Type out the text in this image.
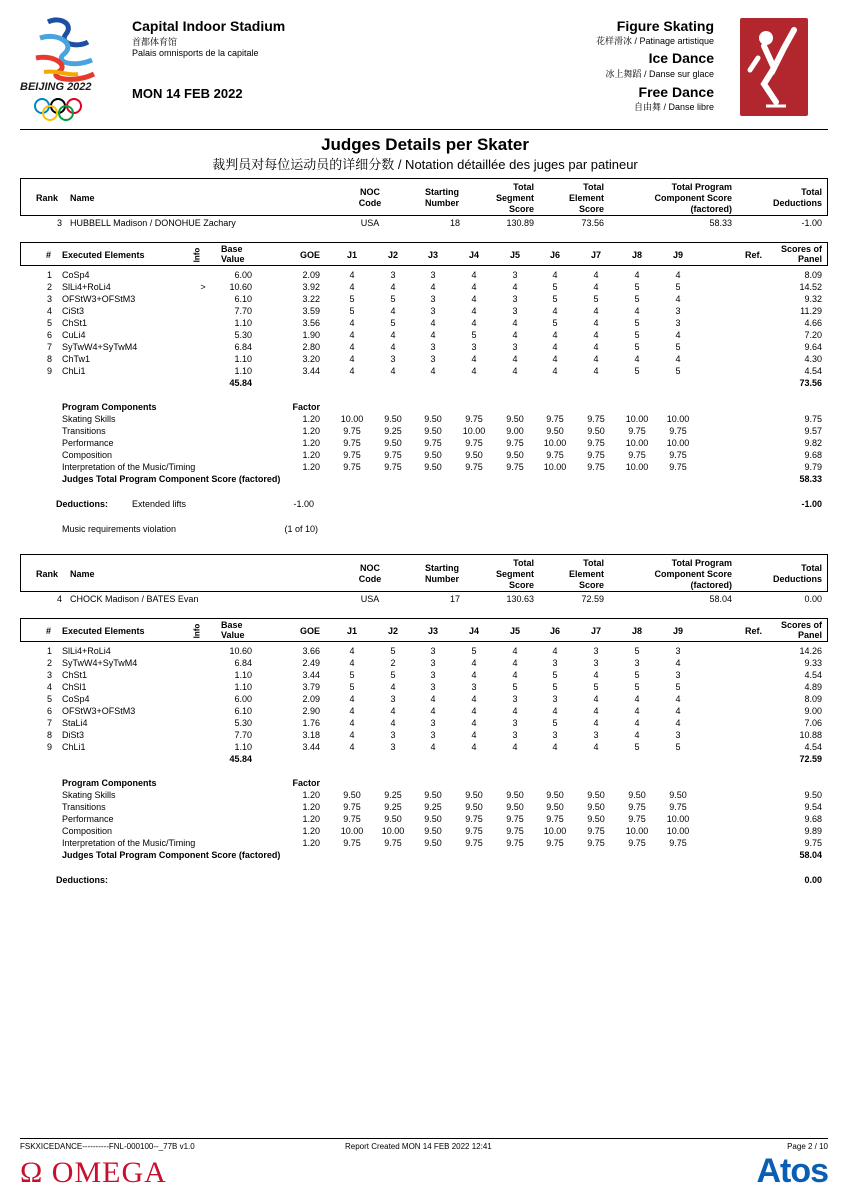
BEIJING 2022
Capital Indoor Stadium
首都体育馆
Palais omnisports de la capitale
MON 14 FEB 2022
Figure Skating
花样滑冰 / Patinage artistique
Ice Dance
冰上舞蹈 / Danse sur glace
Free Dance
自由舞 / Danse libre
Judges Details per Skater
裁判员对每位运动员的详细分数 / Notation détaillée des juges par patineur
Rank Name
NOC
Code
Starting
Number
Total
Segment
Score
Total
Element
Score
Total Program
Component Score
(factored)
Total
Deductions
3 HUBBELL Madison / DONOHUE Zachary	USA	18	130.89	73.56	58.33	-1.00
# Executed Elements	Info Base
Value	GOE	J1	J2	J3	J4	J5	J6	J7	J8	J9	Ref.
Scores of
Panel
1 CoSp4	6.00	2.09	4	3	3	4	3	4	4	4	4	8.09
2 SlLi4+RoLi4	>	10.60	3.92	4	4	4	4	4	5	4	5	5	14.52
3 OFStW3+OFStM3	6.10	3.22	5	5	3	4	3	5	5	5	4	9.32
4 CiSt3	7.70	3.59	5	4	3	4	3	4	4	4	3	11.29
5 ChSt1	1.10	3.56	4	5	4	4	4	5	4	5	3	4.66
6 CuLi4	5.30	1.90	4	4	4	5	4	4	4	5	4	7.20
7 SyTwW4+SyTwM4	6.84	2.80	4	4	3	3	3	4	4	5	5	9.64
8 ChTw1	1.10	3.20	4	3	3	4	4	4	4	4	4	4.30
9 ChLi1	1.10	3.44	4	4	4	4	4	4	4	5	5	4.54
45.84	73.56
Program Components	Factor
Skating Skills	1.20	10.00	9.50	9.50	9.75	9.50	9.75	9.75	10.00	10.00	9.75
Transitions	1.20	9.75	9.25	9.50	10.00	9.00	9.50	9.50	9.75	9.75	9.57
Performance	1.20	9.75	9.50	9.75	9.75	9.75	10.00	9.75	10.00	10.00	9.82
Composition	1.20	9.75	9.75	9.50	9.50	9.50	9.75	9.75	9.75	9.75	9.68
Interpretation of the Music/Timing	1.20	9.75	9.75	9.50	9.75	9.75	10.00	9.75	10.00	9.75	9.79
Judges Total Program Component Score (factored)	58.33
Deductions:	Extended lifts	-1.00	-1.00
Music requirements violation	(1 of 10)
Rank Name
NOC
Code
Starting
Number
Total
Segment
Score
Total
Element
Score
Total Program
Component Score
(factored)
Total
Deductions
4 CHOCK Madison / BATES Evan	USA	17	130.63	72.59	58.04	0.00
# Executed Elements	Info Base
Value	GOE	J1	J2	J3	J4	J5	J6	J7	J8	J9	Ref.
Scores of
Panel
1 SlLi4+RoLi4	10.60	3.66	4	5	3	5	4	4	3	5	3	14.26
2 SyTwW4+SyTwM4	6.84	2.49	4	2	3	4	4	3	3	3	4	9.33
3 ChSt1	1.10	3.44	5	5	3	4	4	5	4	5	3	4.54
4 ChSl1	1.10	3.79	5	4	3	3	5	5	5	5	5	4.89
5 CoSp4	6.00	2.09	4	3	4	4	3	3	4	4	4	8.09
6 OFStW3+OFStM3	6.10	2.90	4	4	4	4	4	4	4	4	4	9.00
7 StaLi4	5.30	1.76	4	4	3	4	3	5	4	4	4	7.06
8 DiSt3	7.70	3.18	4	3	3	4	3	3	3	4	3	10.88
9 ChLi1	1.10	3.44	4	3	4	4	4	4	4	5	5	4.54
45.84	72.59
Program Components	Factor
Skating Skills	1.20	9.50	9.25	9.50	9.50	9.50	9.50	9.50	9.50	9.50	9.50
Transitions	1.20	9.75	9.25	9.25	9.50	9.50	9.50	9.50	9.75	9.75	9.54
Performance	1.20	9.75	9.50	9.50	9.75	9.75	9.75	9.50	9.75	10.00	9.68
Composition	1.20	10.00	10.00	9.50	9.75	9.75	10.00	9.75	10.00	10.00	9.89
Interpretation of the Music/Timing	1.20	9.75	9.75	9.50	9.75	9.75	9.75	9.75	9.75	9.75	9.75
Judges Total Program Component Score (factored)	58.04
Deductions:	0.00
FSKXICEDANCE----------FNL-000100--_77B v1.0	Report Created MON 14 FEB 2022 12:41	Page 2 / 10
Ω OMEGA	Atos
